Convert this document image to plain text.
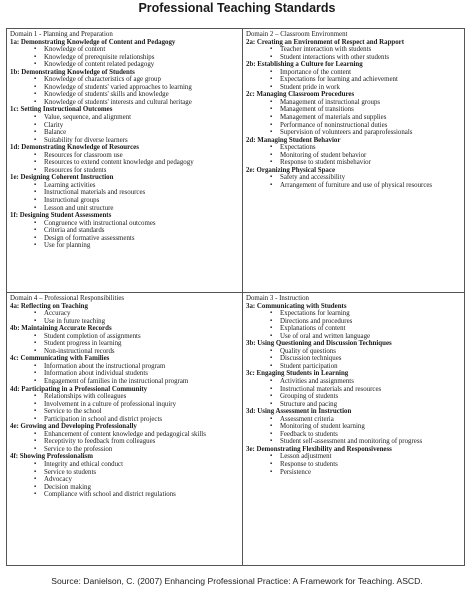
Professional Teaching Standards
Domain 1 - Planning and Preparation
1a: Demonstrating Knowledge of Content and Pedagogy
▪ Knowledge of content
▪ Knowledge of prerequisite relationships
▪ Knowledge of content related pedagogy
1b: Demonstrating Knowledge of Students
▪ Knowledge of characteristics of age group
▪ Knowledge of students' varied approaches to learning
▪ Knowledge of students' skills and knowledge
▪ Knowledge of students' interests and cultural heritage
1c: Setting Instructional Outcomes
▪ Value, sequence, and alignment
▪ Clarity
▪ Balance
▪ Suitability for diverse learners
1d: Demonstrating Knowledge of Resources
▪ Resources for classroom use
▪ Resources to extend content knowledge and pedagogy
▪ Resources for students
1e: Designing Coherent Instruction
▪ Learning activities
▪ Instructional materials and resources
▪ Instructional groups
▪ Lesson and unit structure
1f: Designing Student Assessments
▪ Congruence with instructional outcomes
▪ Criteria and standards
▪ Design of formative assessments
▪ Use for planning
Domain 2 – Classroom Environment
2a: Creating an Environment of Respect and Rapport
▪ Teacher interaction with students
▪ Student interactions with other students
2b: Establishing a Culture for Learning
▪ Importance of the content
▪ Expectations for learning and achievement
▪ Student pride in work
2c: Managing Classroom Procedures
▪ Management of instructional groups
▪ Management of transitions
▪ Management of materials and supplies
▪ Performance of noninstructional duties
▪ Supervision of volunteers and paraprofessionals
2d: Managing Student Behavior
▪ Expectations
▪ Monitoring of student behavior
▪ Response to student misbehavior
2e: Organizing Physical Space
▪ Safety and accessibility
▪ Arrangement of furniture and use of physical resources
Domain 4 – Professional Responsibilities
4a: Reflecting on Teaching
▪ Accuracy
▪ Use in future teaching
4b: Maintaining Accurate Records
▪ Student completion of assignments
▪ Student progress in learning
▪ Non-instructional records
4c: Communicating with Families
▪ Information about the instructional program
▪ Information about individual students
▪ Engagement of families in the instructional program
4d: Participating in a Professional Community
▪ Relationships with colleagues
▪ Involvement in a culture of professional inquiry
▪ Service to the school
▪ Participation in school and district projects
4e: Growing and Developing Professionally
▪ Enhancement of content knowledge and pedagogical skills
▪ Receptivity to feedback from colleagues
▪ Service to the profession
4f: Showing Professionalism
▪ Integrity and ethical conduct
▪ Service to students
▪ Advocacy
▪ Decision making
▪ Compliance with school and district regulations
Domain 3 - Instruction
3a: Communicating with Students
▪ Expectations for learning
▪ Directions and procedures
▪ Explanations of content
▪ Use of oral and written language
3b: Using Questioning and Discussion Techniques
▪ Quality of questions
▪ Discussion techniques
▪ Student participation
3c: Engaging Students in Learning
▪ Activities and assignments
▪ Instructional materials and resources
▪ Grouping of students
▪ Structure and pacing
3d: Using Assessment in Instruction
▪ Assessment criteria
▪ Monitoring of student learning
▪ Feedback to students
▪ Student self-assessment and monitoring of progress
3e: Demonstrating Flexibility and Responsiveness
▪ Lesson adjustment
▪ Response to students
▪ Persistence
Source: Danielson, C. (2007) Enhancing Professional Practice: A Framework for Teaching. ASCD.
